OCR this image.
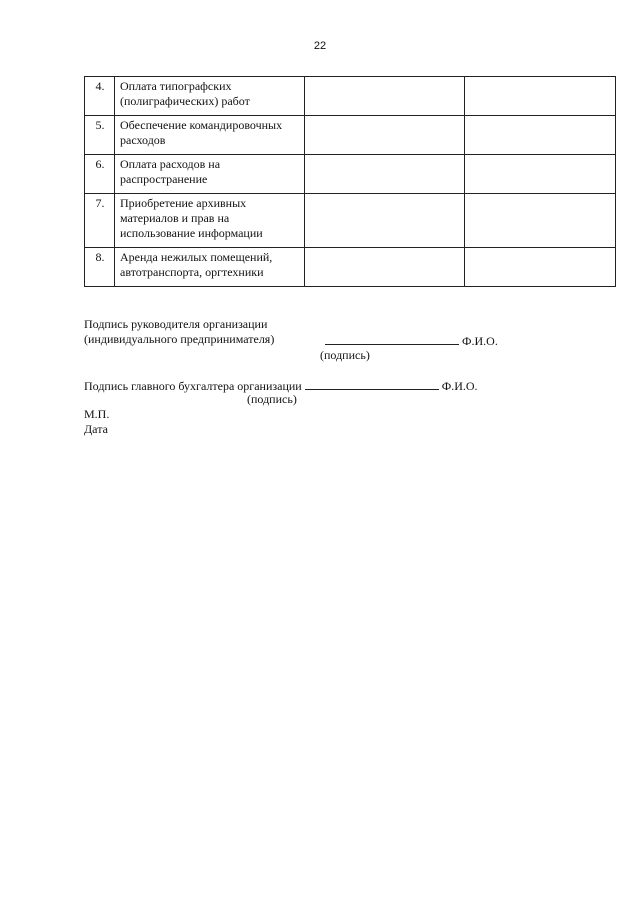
22
4.	Оплата типографских (полиграфических) работ		
5.	Обеспечение командировочных расходов		
6.	Оплата расходов на распространение		
7.	Приобретение архивных материалов и прав на использование информации		
8.	Аренда нежилых помещений, автотранспорта, оргтехники		
Подпись руководителя организации
(индивидуального предпринимателя)	Ф.И.О.
(подпись)
Подпись главного бухгалтера организации	Ф.И.О.
(подпись)
М.П.
Дата
